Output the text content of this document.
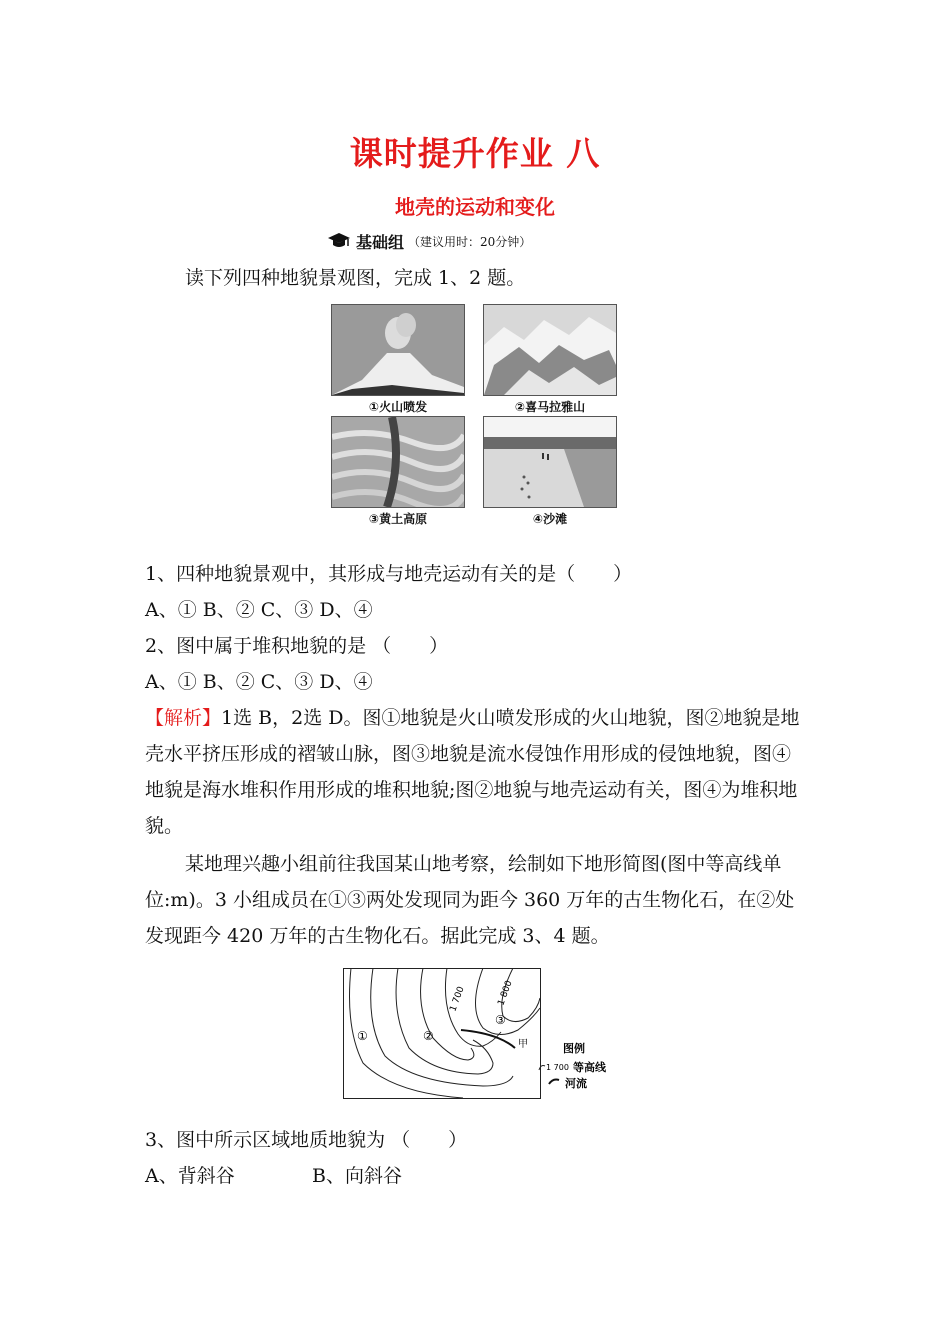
课时提升作业 八
地壳的运动和变化
基础组 （建议用时：20分钟）
读下列四种地貌景观图，完成 1、2 题。
①火山喷发	②喜马拉雅山
③黄土高原	④沙滩
1、四种地貌景观中，其形成与地壳运动有关的是（　　）
A、① B、② C、③ D、④
2、图中属于堆积地貌的是 （　　）
A、① B、② C、③ D、④
【解析】1选 B，2选 D。图①地貌是火山喷发形成的火山地貌，图②地貌是地壳水平挤压形成的褶皱山脉，图③地貌是流水侵蚀作用形成的侵蚀地貌，图④地貌是海水堆积作用形成的堆积地貌;图②地貌与地壳运动有关，图④为堆积地貌。
某地理兴趣小组前往我国某山地考察，绘制如下地形简图(图中等高线单位:m)。3 小组成员在①③两处发现同为距今 360 万年的古生物化石，在②处发现距今 420 万年的古生物化石。据此完成 3、4 题。
①	②
③
甲
1 700	1 800
图例
1 700 等高线
河流
3、图中所示区域地质地貌为 （　　）
A、背斜谷	B、向斜谷
